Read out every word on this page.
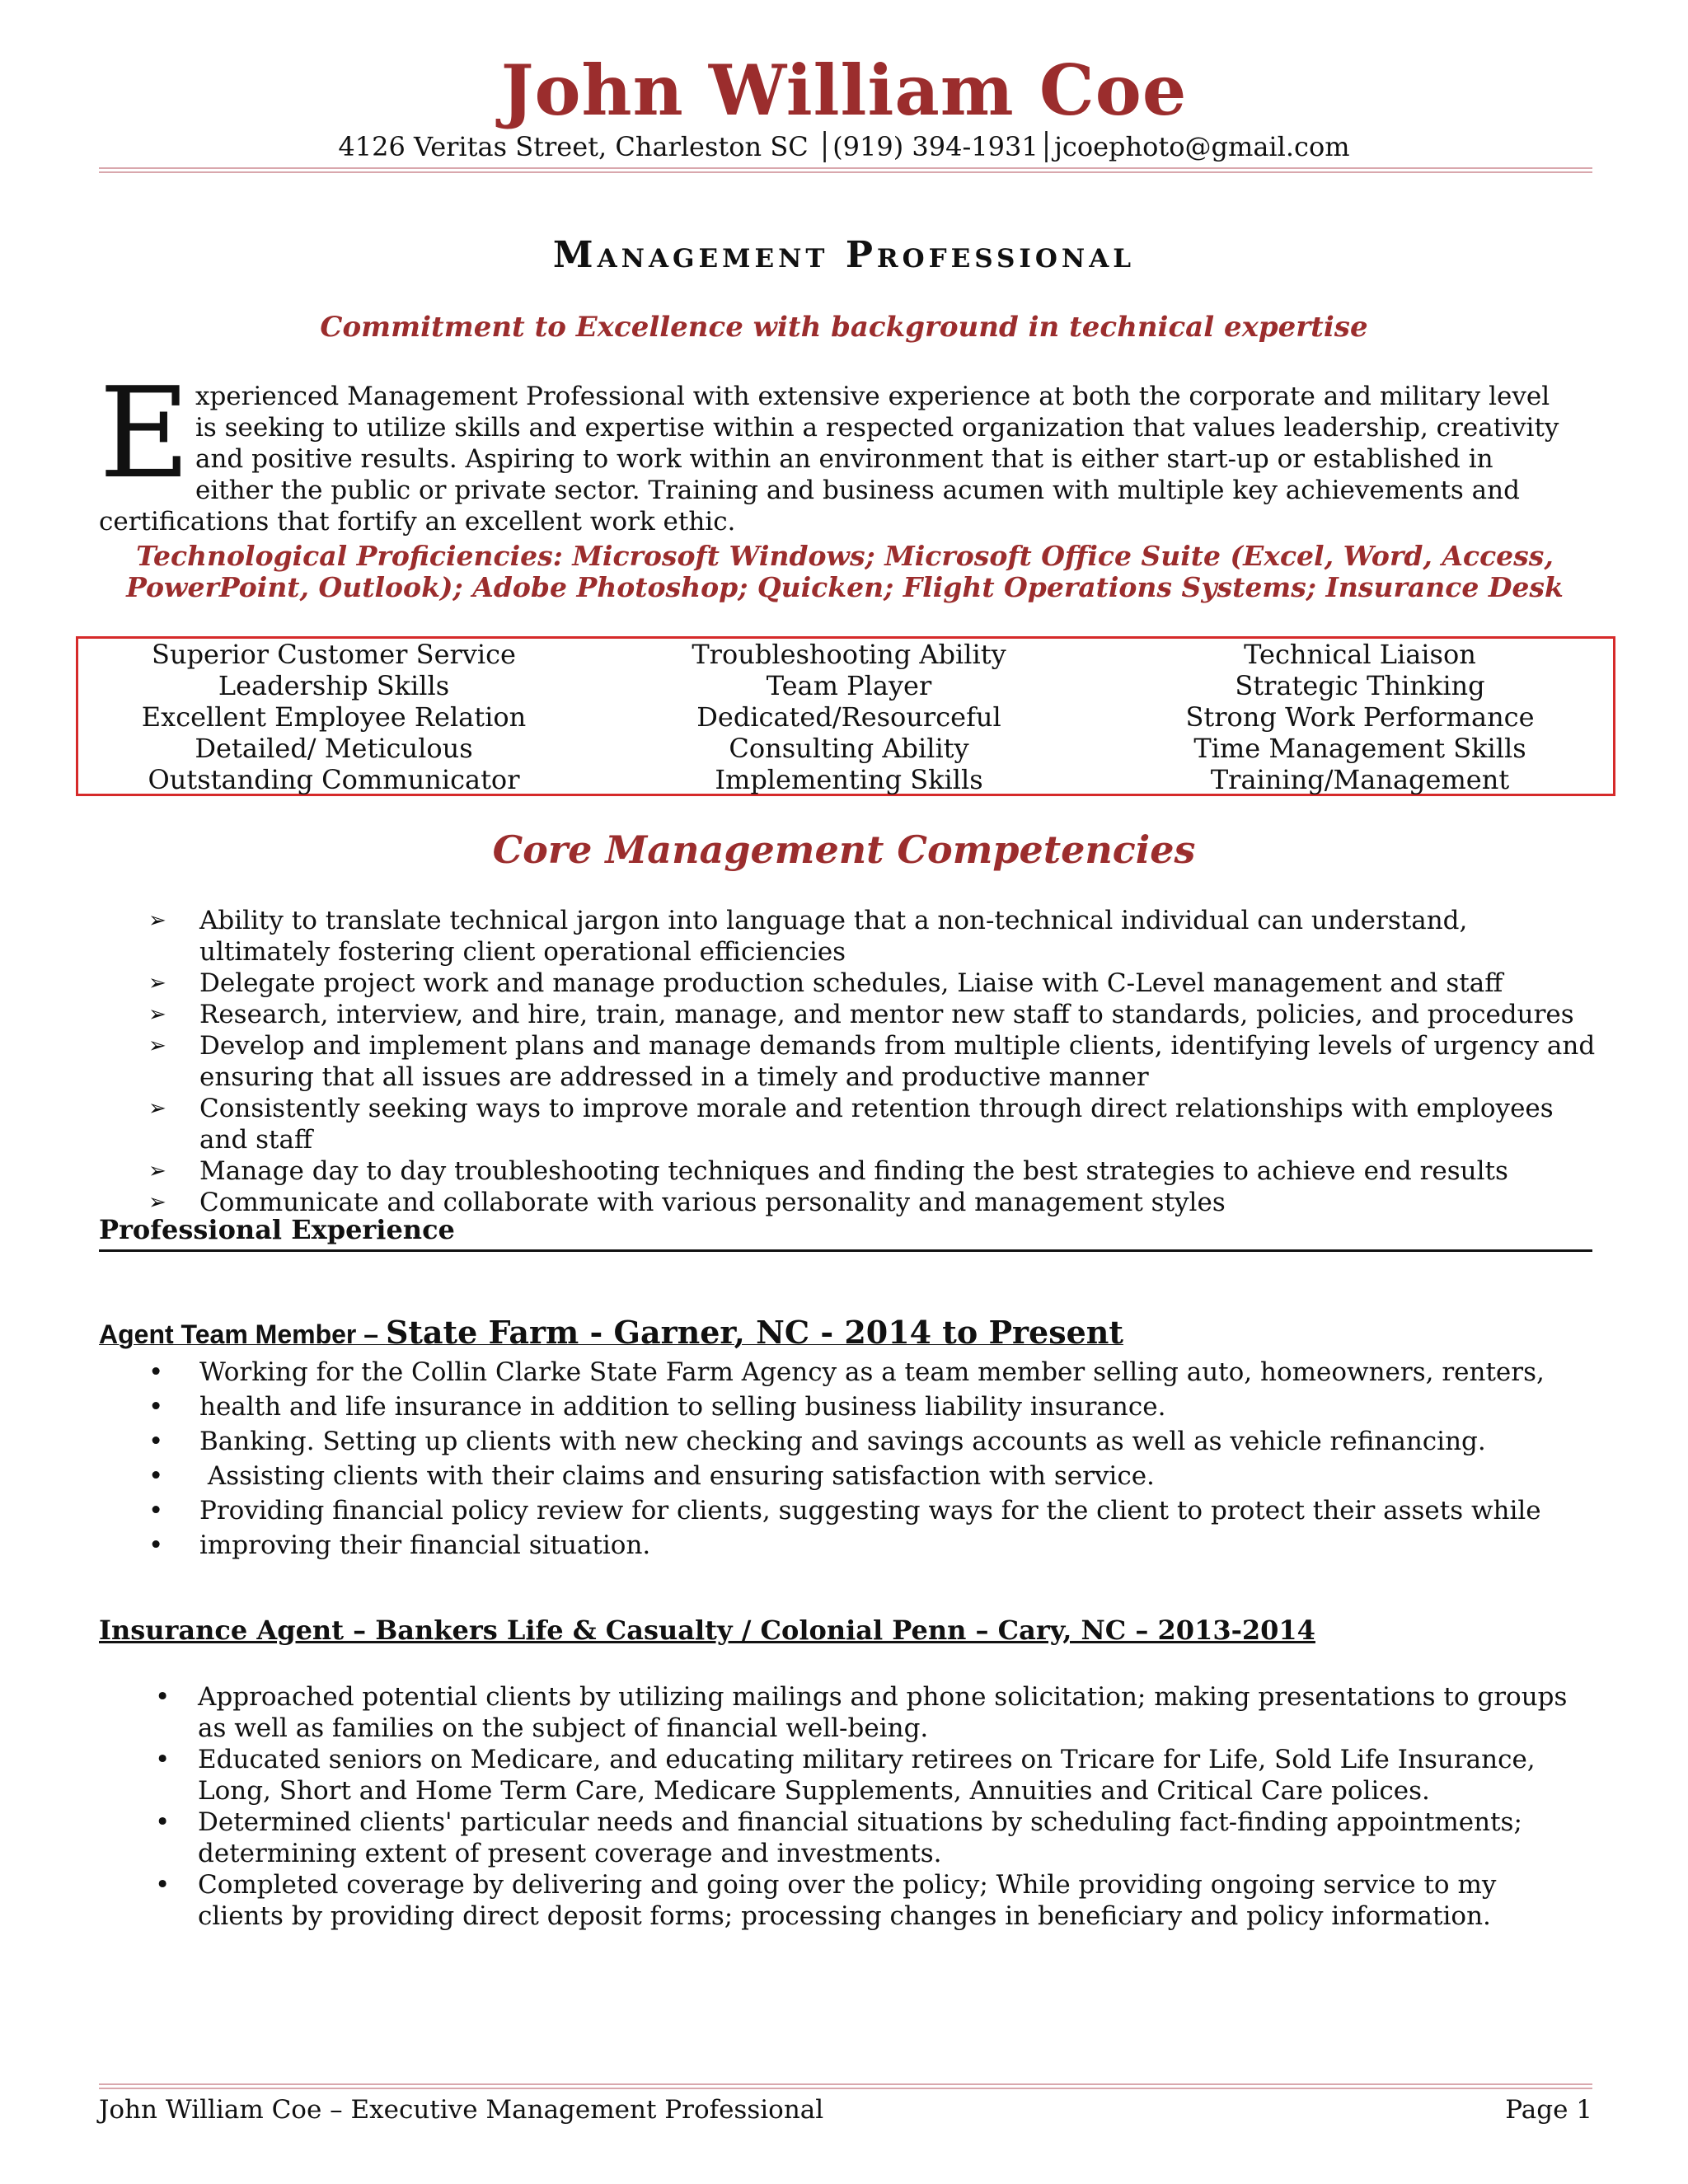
John William Coe
4126 Veritas Street, Charleston SC │(919) 394-1931│jcoephoto@gmail.com
Management Professional
Commitment to Excellence with background in technical expertise
E xperienced Management Professional with extensive experience at both the corporate and military level is seeking to utilize skills and expertise within a respected organization that values leadership, creativity and positive results. Aspiring to work within an environment that is either start-up or established in either the public or private sector. Training and business acumen with multiple key achievements and certifications that fortify an excellent work ethic.
Technological Proficiencies: Microsoft Windows; Microsoft Office Suite (Excel, Word, Access,
PowerPoint, Outlook); Adobe Photoshop; Quicken; Flight Operations Systems; Insurance Desk
Superior Customer Service
Leadership Skills
Excellent Employee Relation
Detailed/ Meticulous
Outstanding Communicator
Troubleshooting Ability
Team Player
Dedicated/Resourceful
Consulting Ability
Implementing Skills
Technical Liaison
Strategic Thinking
Strong Work Performance
Time Management Skills
Training/Management
Core Management Competencies
➢ Ability to translate technical jargon into language that a non-technical individual can understand, ultimately fostering client operational efficiencies
➢ Delegate project work and manage production schedules, Liaise with C-Level management and staff
➢ Research, interview, and hire, train, manage, and mentor new staff to standards, policies, and procedures
➢ Develop and implement plans and manage demands from multiple clients, identifying levels of urgency and ensuring that all issues are addressed in a timely and productive manner
➢ Consistently seeking ways to improve morale and retention through direct relationships with employees and staff
➢ Manage day to day troubleshooting techniques and finding the best strategies to achieve end results
➢ Communicate and collaborate with various personality and management styles
Professional Experience
Agent Team Member – State Farm - Garner, NC - 2014 to Present
• Working for the Collin Clarke State Farm Agency as a team member selling auto, homeowners, renters,
• health and life insurance in addition to selling business liability insurance.
• Banking. Setting up clients with new checking and savings accounts as well as vehicle refinancing.
• Assisting clients with their claims and ensuring satisfaction with service.
• Providing financial policy review for clients, suggesting ways for the client to protect their assets while
• improving their financial situation.
Insurance Agent – Bankers Life & Casualty / Colonial Penn – Cary, NC – 2013-2014
• Approached potential clients by utilizing mailings and phone solicitation; making presentations to groups as well as families on the subject of financial well-being.
• Educated seniors on Medicare, and educating military retirees on Tricare for Life, Sold Life Insurance, Long, Short and Home Term Care, Medicare Supplements, Annuities and Critical Care polices.
• Determined clients' particular needs and financial situations by scheduling fact-finding appointments; determining extent of present coverage and investments.
• Completed coverage by delivering and going over the policy; While providing ongoing service to my clients by providing direct deposit forms; processing changes in beneficiary and policy information.
John William Coe – Executive Management Professional	Page 1
